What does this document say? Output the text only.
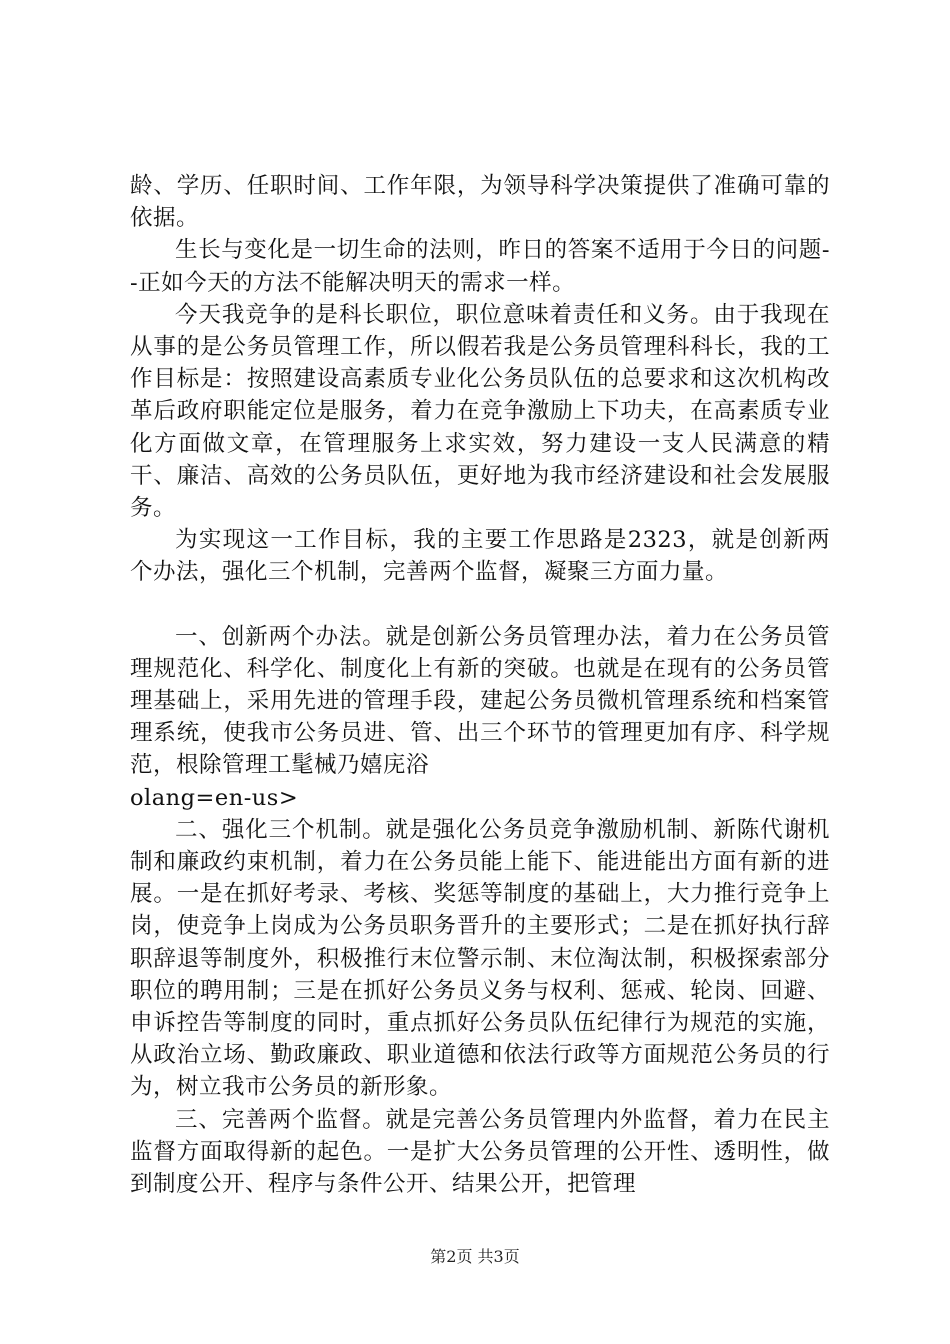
龄、学历、任职时间、工作年限，为领导科学决策提供了准确可靠的依据。

生长与变化是一切生命的法则，昨日的答案不适用于今日的问题--正如今天的方法不能解决明天的需求一样。

今天我竞争的是科长职位，职位意味着责任和义务。由于我现在从事的是公务员管理工作，所以假若我是公务员管理科科长，我的工作目标是：按照建设高素质专业化公务员队伍的总要求和这次机构改革后政府职能定位是服务，着力在竞争激励上下功夫，在高素质专业化方面做文章，在管理服务上求实效，努力建设一支人民满意的精干、廉洁、高效的公务员队伍，更好地为我市经济建设和社会发展服务。

为实现这一工作目标，我的主要工作思路是2323，就是创新两个办法，强化三个机制，完善两个监督，凝聚三方面力量。

一、创新两个办法。就是创新公务员管理办法，着力在公务员管理规范化、科学化、制度化上有新的突破。也就是在现有的公务员管理基础上，采用先进的管理手段，建起公务员微机管理系统和档案管理系统，使我市公务员进、管、出三个环节的管理更加有序、科学规范，根除管理工髦械乃嬉庑浴

olang=en-us>

二、强化三个机制。就是强化公务员竞争激励机制、新陈代谢机制和廉政约束机制，着力在公务员能上能下、能进能出方面有新的进展。一是在抓好考录、考核、奖惩等制度的基础上，大力推行竞争上岗，使竞争上岗成为公务员职务晋升的主要形式；二是在抓好执行辞职辞退等制度外，积极推行末位警示制、末位淘汰制，积极探索部分职位的聘用制；三是在抓好公务员义务与权利、惩戒、轮岗、回避、申诉控告等制度的同时，重点抓好公务员队伍纪律行为规范的实施，从政治立场、勤政廉政、职业道德和依法行政等方面规范公务员的行为，树立我市公务员的新形象。

三、完善两个监督。就是完善公务员管理内外监督，着力在民主监督方面取得新的起色。一是扩大公务员管理的公开性、透明性，做到制度公开、程序与条件公开、结果公开，把管理

第2页 共3页
